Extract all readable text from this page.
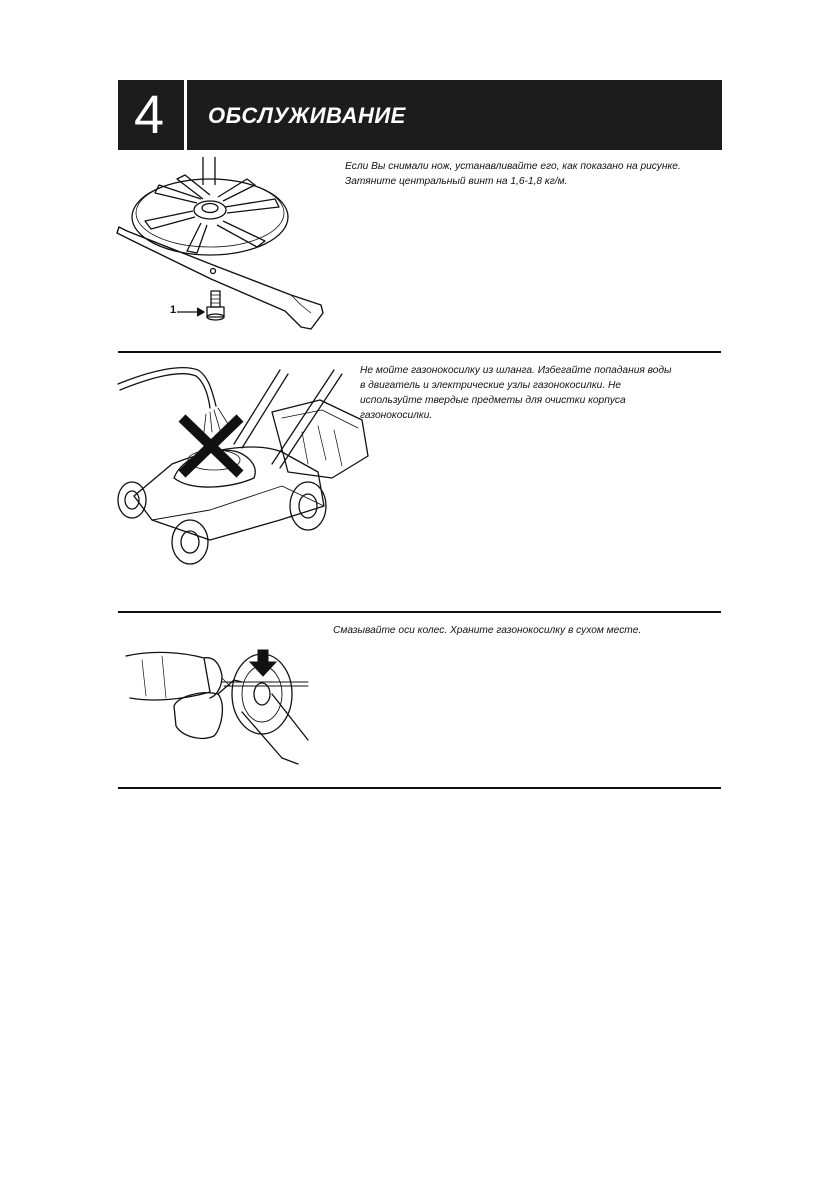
4	ОБСЛУЖИВАНИЕ
1

Если Вы снимали нож, устанавливайте его, как показано на рисунке.
Затяните центральный винт на 1,6-1,8 кг/м.

Не мойте газонокосилку из шланга. Избегайте попадания воды
в двигатель и электрические узлы газонокосилки. Не
используйте твердые предметы для очистки корпуса
газонокосилки.

Смазывайте оси колес. Храните газонокосилку в сухом месте.
